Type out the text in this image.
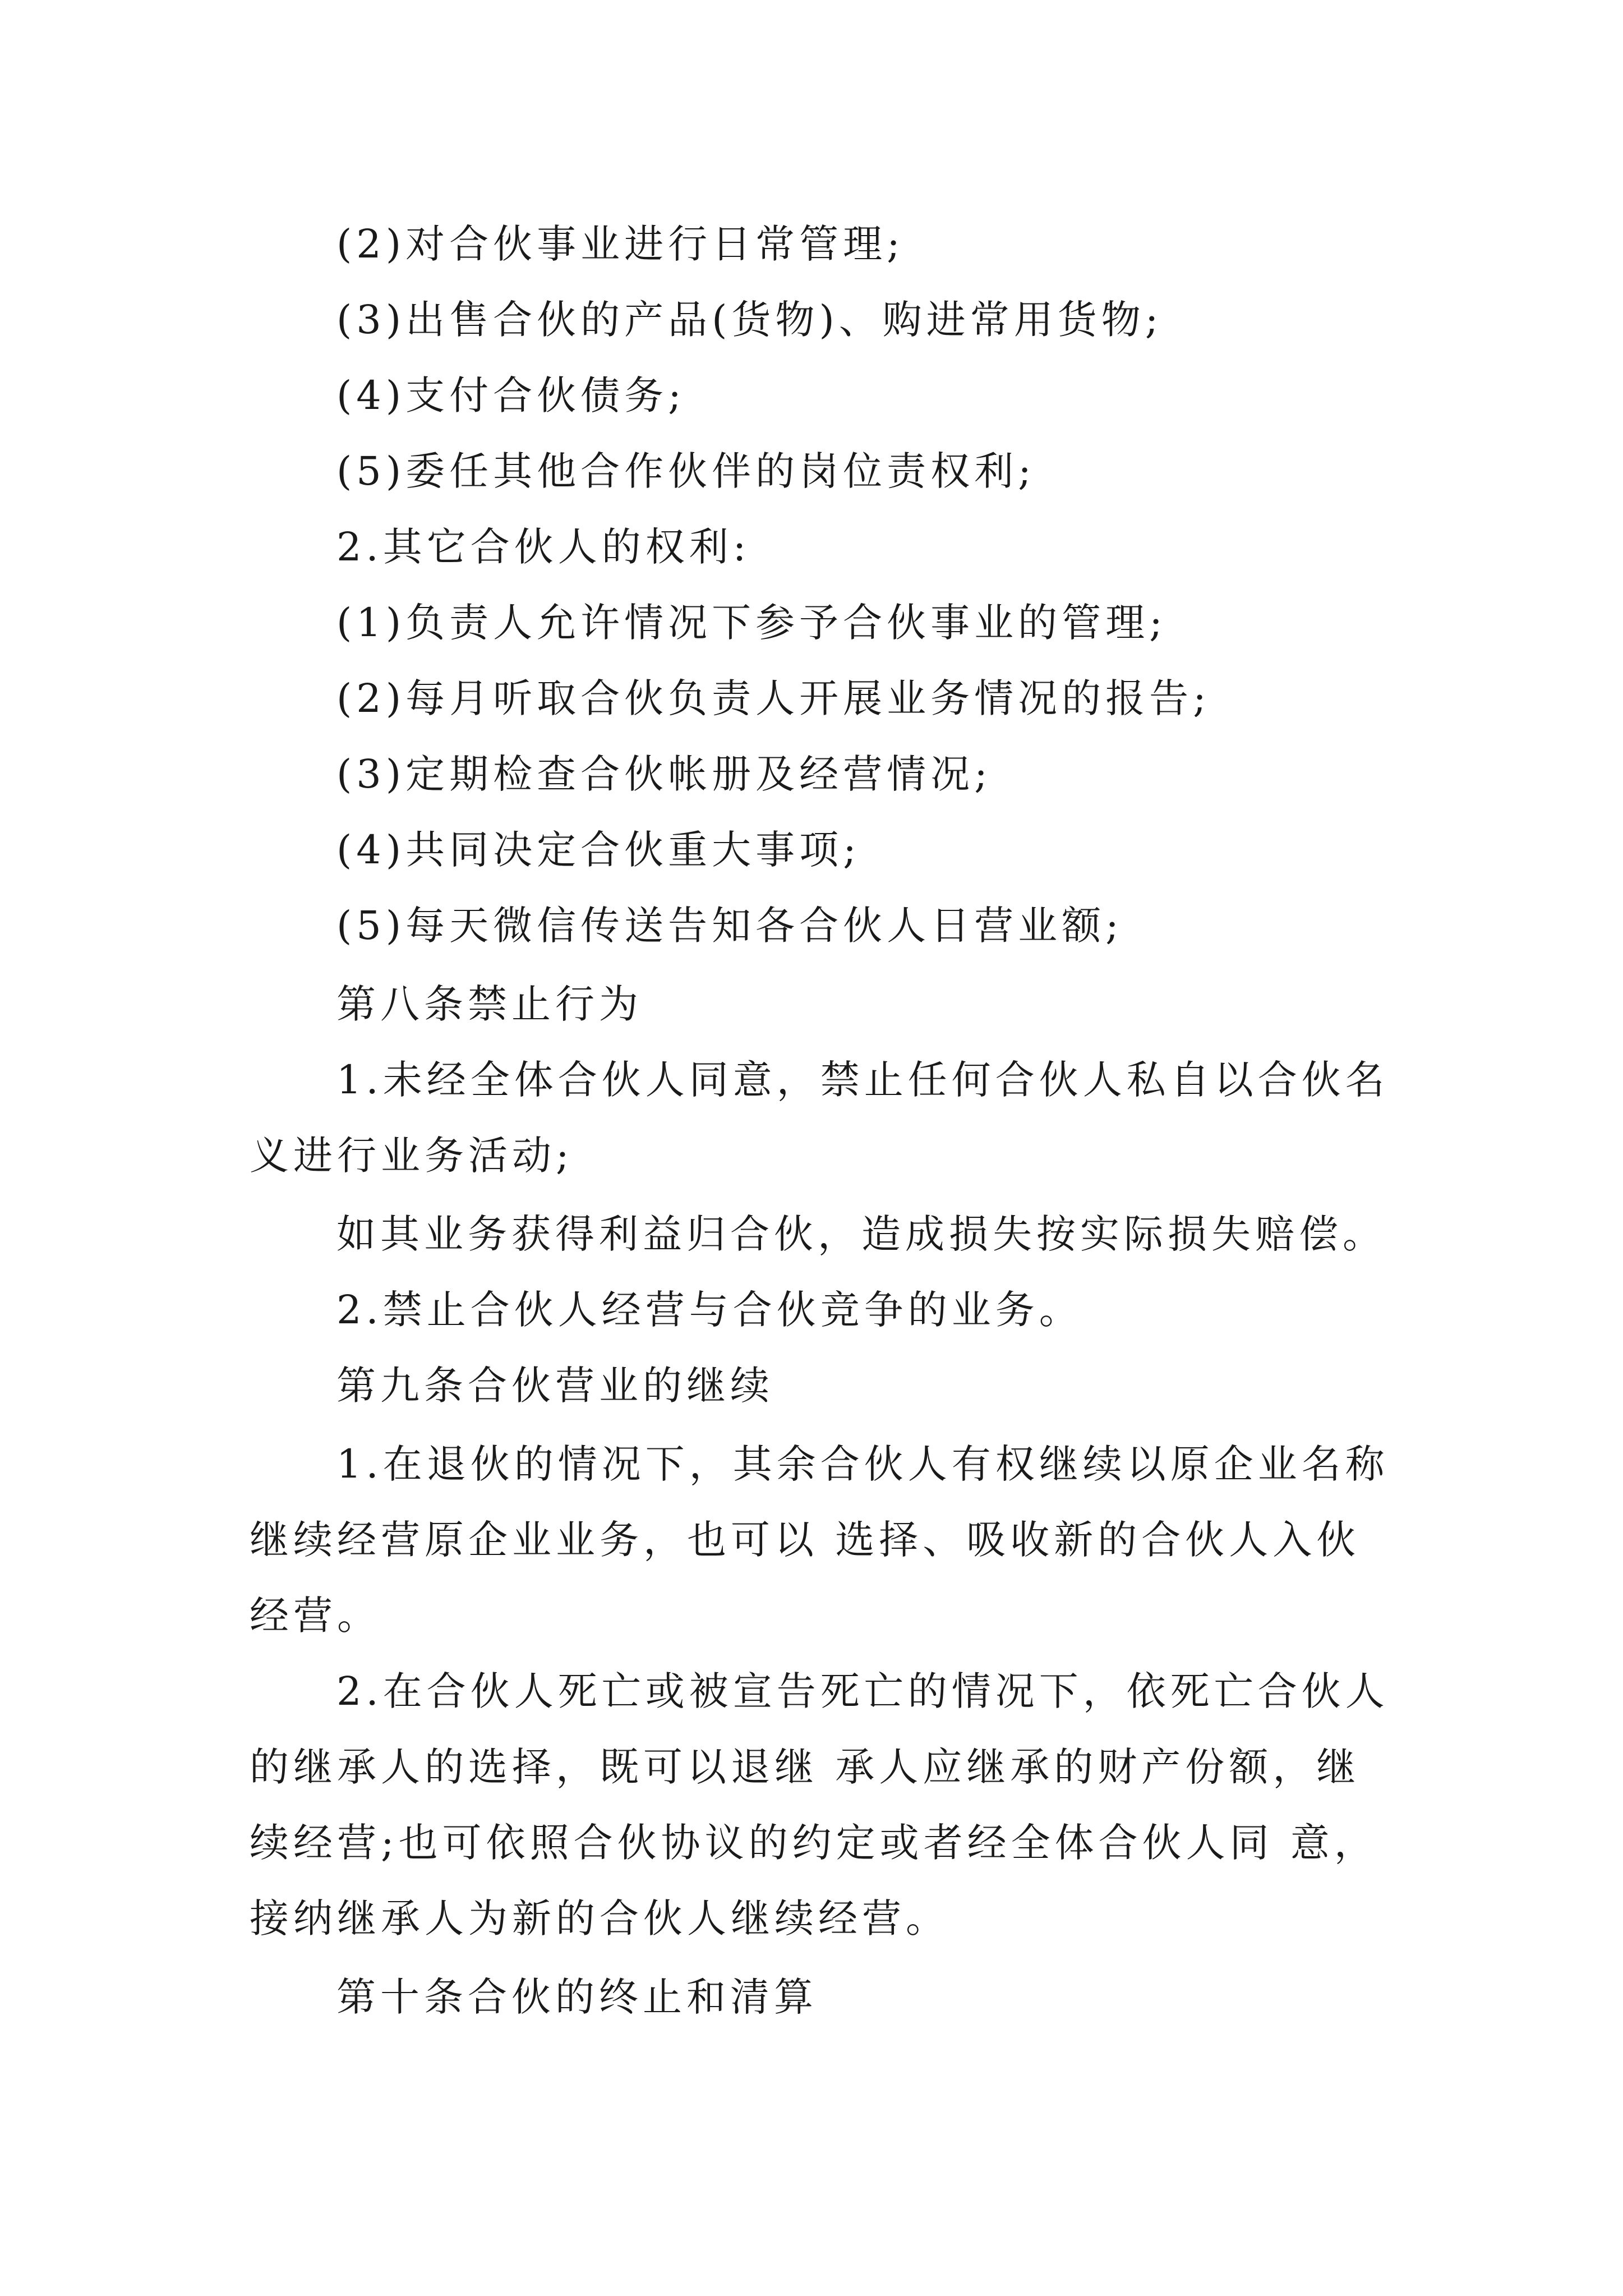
(2)对合伙事业进行日常管理;
(3)出售合伙的产品(货物)、购进常用货物;
(4)支付合伙债务;
(5)委任其他合作伙伴的岗位责权利;
2.其它合伙人的权利:
(1)负责人允许情况下参予合伙事业的管理;
(2)每月听取合伙负责人开展业务情况的报告;
(3)定期检查合伙帐册及经营情况;
(4)共同决定合伙重大事项;
(5)每天微信传送告知各合伙人日营业额;
第八条禁止行为
1.未经全体合伙人同意，禁止任何合伙人私自以合伙名
义进行业务活动;
如其业务获得利益归合伙，造成损失按实际损失赔偿。
2.禁止合伙人经营与合伙竞争的业务。
第九条合伙营业的继续
1.在退伙的情况下，其余合伙人有权继续以原企业名称
继续经营原企业业务，也可以 选择、吸收新的合伙人入伙
经营。
2.在合伙人死亡或被宣告死亡的情况下，依死亡合伙人
的继承人的选择，既可以退继 承人应继承的财产份额，继
续经营;也可依照合伙协议的约定或者经全体合伙人同 意，
接纳继承人为新的合伙人继续经营。
第十条合伙的终止和清算
